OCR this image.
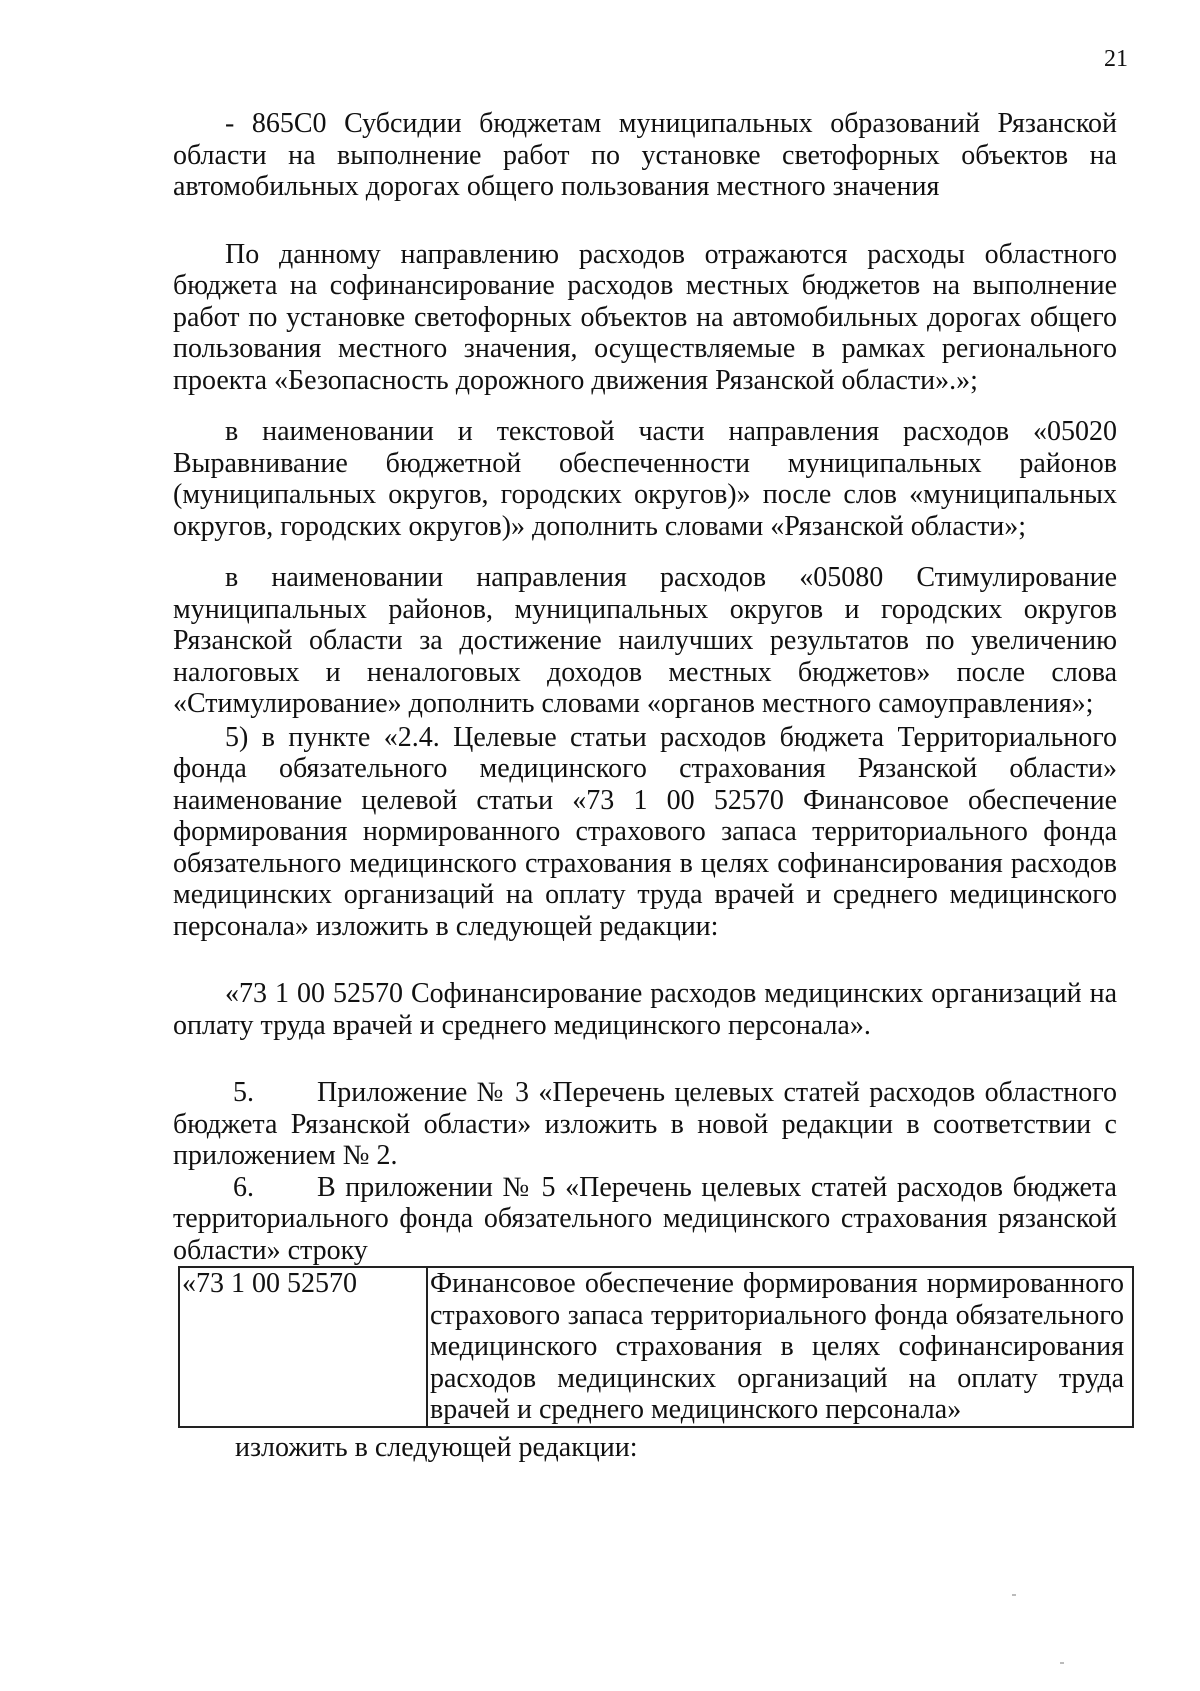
21

- 865С0 Субсидии бюджетам муниципальных образований Рязанской области на выполнение работ по установке светофорных объектов на автомобильных дорогах общего пользования местного значения

По данному направлению расходов отражаются расходы областного бюджета на софинансирование расходов местных бюджетов на выполнение работ по установке светофорных объектов на автомобильных дорогах общего пользования местного значения, осуществляемые в рамках регионального проекта «Безопасность дорожного движения Рязанской области».»;

в наименовании и текстовой части направления расходов «05020 Выравнивание бюджетной обеспеченности муниципальных районов (муниципальных округов, городских округов)» после слов «муниципальных округов, городских округов)» дополнить словами «Рязанской области»;

в наименовании направления расходов «05080 Стимулирование муниципальных районов, муниципальных округов и городских округов Рязанской области за достижение наилучших результатов по увеличению налоговых и неналоговых доходов местных бюджетов» после слова «Стимулирование» дополнить словами «органов местного самоуправления»;

5) в пункте «2.4. Целевые статьи расходов бюджета Территориального фонда обязательного медицинского страхования Рязанской области» наименование целевой статьи «73 1 00 52570 Финансовое обеспечение формирования нормированного страхового запаса территориального фонда обязательного медицинского страхования в целях софинансирования расходов медицинских организаций на оплату труда врачей и среднего медицинского персонала» изложить в следующей редакции:

«73 1 00 52570 Софинансирование расходов медицинских организаций на оплату труда врачей и среднего медицинского персонала».

5. Приложение № 3 «Перечень целевых статей расходов областного бюджета Рязанской области» изложить в новой редакции в соответствии с приложением № 2.

6. В приложении № 5 «Перечень целевых статей расходов бюджета территориального фонда обязательного медицинского страхования рязанской области» строку

«73 1 00 52570	Финансовое обеспечение формирования нормированного страхового запаса территориального фонда обязательного медицинского страхования в целях софинансирования расходов медицинских организаций на оплату труда врачей и среднего медицинского персонала»

изложить в следующей редакции:
